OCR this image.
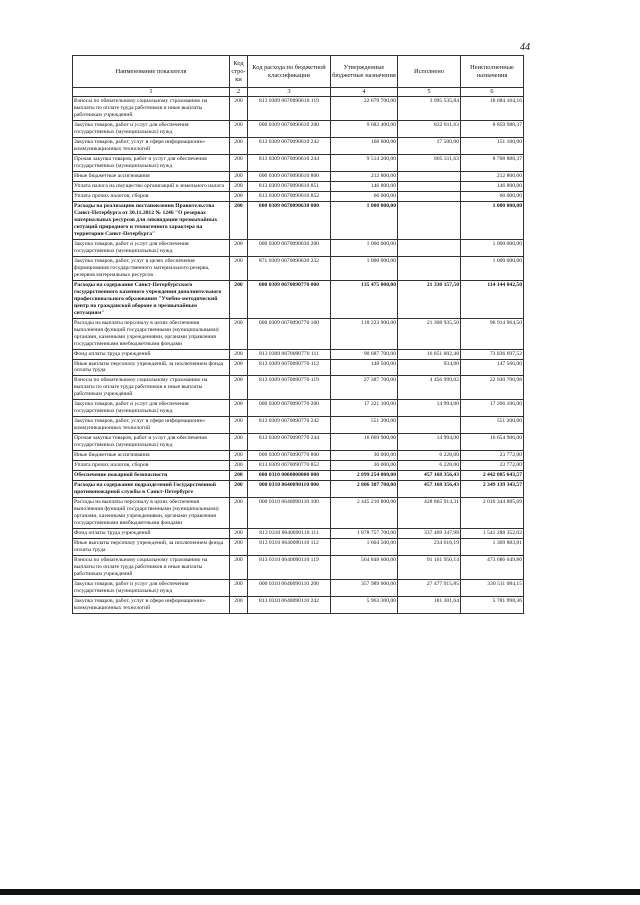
44
Наименование показателя	Код стро-ки	Код расхода по бюджетной классификации	Утвержденные бюджетные назначения	Исполнено	Неисполненные назначения
1	2	3	4	5	6
Взносы по обязательному социальному страхованию на выплаты по оплате труда работников и иные выплаты работникам учреждений	200	813 0309 0670090610 119	22 679 700,00	3 995 535,84	18 684 164,16
Закупка товаров, работ и услуг для обеспечения государственных (муниципальных) нужд	200	000 0309 0670090610 200	9 682 400,00	822 811,63	8 859 988,37
Закупка товаров, работ, услуг в сфере информационно-коммуникационных технологий	200	813 0309 0670090610 242	168 600,00	17 500,00	151 100,00
Прочая закупка товаров, работ и услуг для обеспечения государственных (муниципальных) нужд	200	813 0309 0670090610 244	9 514 200,00	805 311,63	8 708 888,37
Иные бюджетные ассигнования	200	000 0309 0670090610 800	212 800,00		212 800,00
Уплата налога на имущество организаций и земельного налога	200	813 0309 0670090610 851	146 800,00		146 800,00
Уплата прочих налогов, сборов	200	813 0309 0670090610 852	66 000,00		66 000,00
Расходы на реализацию постановления Правительства Санкт-Петербурга от 30.11.2012 № 1246 "О резервах материальных ресурсов для ликвидации чрезвычайных ситуаций природного и техногенного характера на территории Санкт-Петербурга"	200	000 0309 0670090630 000	1 000 000,00		1 000 000,00
Закупка товаров, работ и услуг для обеспечения государственных (муниципальных) нужд	200	000 0309 0670090630 200	1 000 000,00		1 000 000,00
Закупка товаров, работ, услуг в целях обеспечения формирования государственного материального резерва, резервов материальных ресурсов	200	871 0309 0670090630 232	1 000 000,00		1 000 000,00
Расходы на содержание Санкт-Петербургского государственного казенного учреждения дополнительного профессионального образования "Учебно-методический центр по гражданской обороне и чрезвычайным ситуациям"	200	000 0309 0670090770 000	135 475 000,00	21 330 157,50	114 144 842,50
Расходы на выплаты персоналу в целях обеспечения выполнения функций государственными (муниципальными) органами, казенными учреждениями, органами управления государственными внебюджетными фондами	200	000 0309 0670090770 100	118 223 900,00	21 308 935,50	96 914 964,50
Фонд оплаты труда учреждений	200	813 0309 0670090770 111	90 687 700,00	16 851 002,48	73 836 697,52
Иные выплаты персоналу учреждений, за исключением фонда оплаты труда	200	813 0309 0670090770 112	148 500,00	934,00	147 566,00
Взносы по обязательному социальному страхованию на выплаты по оплате труда работников и иные выплаты работникам учреждений	200	813 0309 0670090770 119	27 387 700,00	4 456 999,02	22 930 700,98
Закупка товаров, работ и услуг для обеспечения государственных (муниципальных) нужд	200	000 0309 0670090770 200	17 221 100,00	14 994,00	17 206 106,00
Закупка товаров, работ, услуг в сфере информационно-коммуникационных технологий	200	813 0309 0670090770 242	551 200,00		551 200,00
Прочая закупка товаров, работ и услуг для обеспечения государственных (муниципальных) нужд	200	813 0309 0670090770 244	16 669 900,00	14 994,00	16 654 906,00
Иные бюджетные ассигнования	200	000 0309 0670090770 800	30 000,00	6 228,00	23 772,00
Уплата прочих налогов, сборов	200	813 0309 0670090770 852	30 000,00	6 228,00	23 772,00
Обеспечение пожарной безопасности	200	000 0310 0000000000 000	2 899 254 000,00	457 168 356,43	2 442 085 643,57
Расходы на содержание подразделений Государственной противопожарной службы в Санкт-Петербурге	200	000 0310 0640090110 000	2 806 307 700,00	457 168 356,43	2 349 139 343,57
Расходы на выплаты персоналу в целях обеспечения выполнения функций государственными (муниципальными) органами, казенными учреждениями, органами управления государственными внебюджетными фондами	200	000 0310 0640090110 100	2 445 210 800,00	428 865 914,31	2 016 344 885,69
Фонд оплаты труда учреждений	200	813 0310 0640090110 111	1 878 757 700,00	337 469 347,98	1 541 288 352,02
Иные выплаты персоналу учреждений, за исключением фонда оплаты труда	200	813 0310 0640090110 112	1 604 500,00	234 616,19	1 369 883,81
Взносы по обязательному социальному страхованию на выплаты по оплате труда работников и иные выплаты работникам учреждений	200	813 0310 0640090110 119	564 848 600,00	91 161 950,14	473 686 649,86
Закупка товаров, работ и услуг для обеспечения государственных (муниципальных) нужд	200	000 0310 0640090110 200	357 989 000,00	27 477 915,85	330 511 084,15
Закупка товаров, работ, услуг в сфере информационно-коммуникационных технологий	200	813 0310 0640090110 242	5 963 300,00	181 301,64	5 781 998,36
